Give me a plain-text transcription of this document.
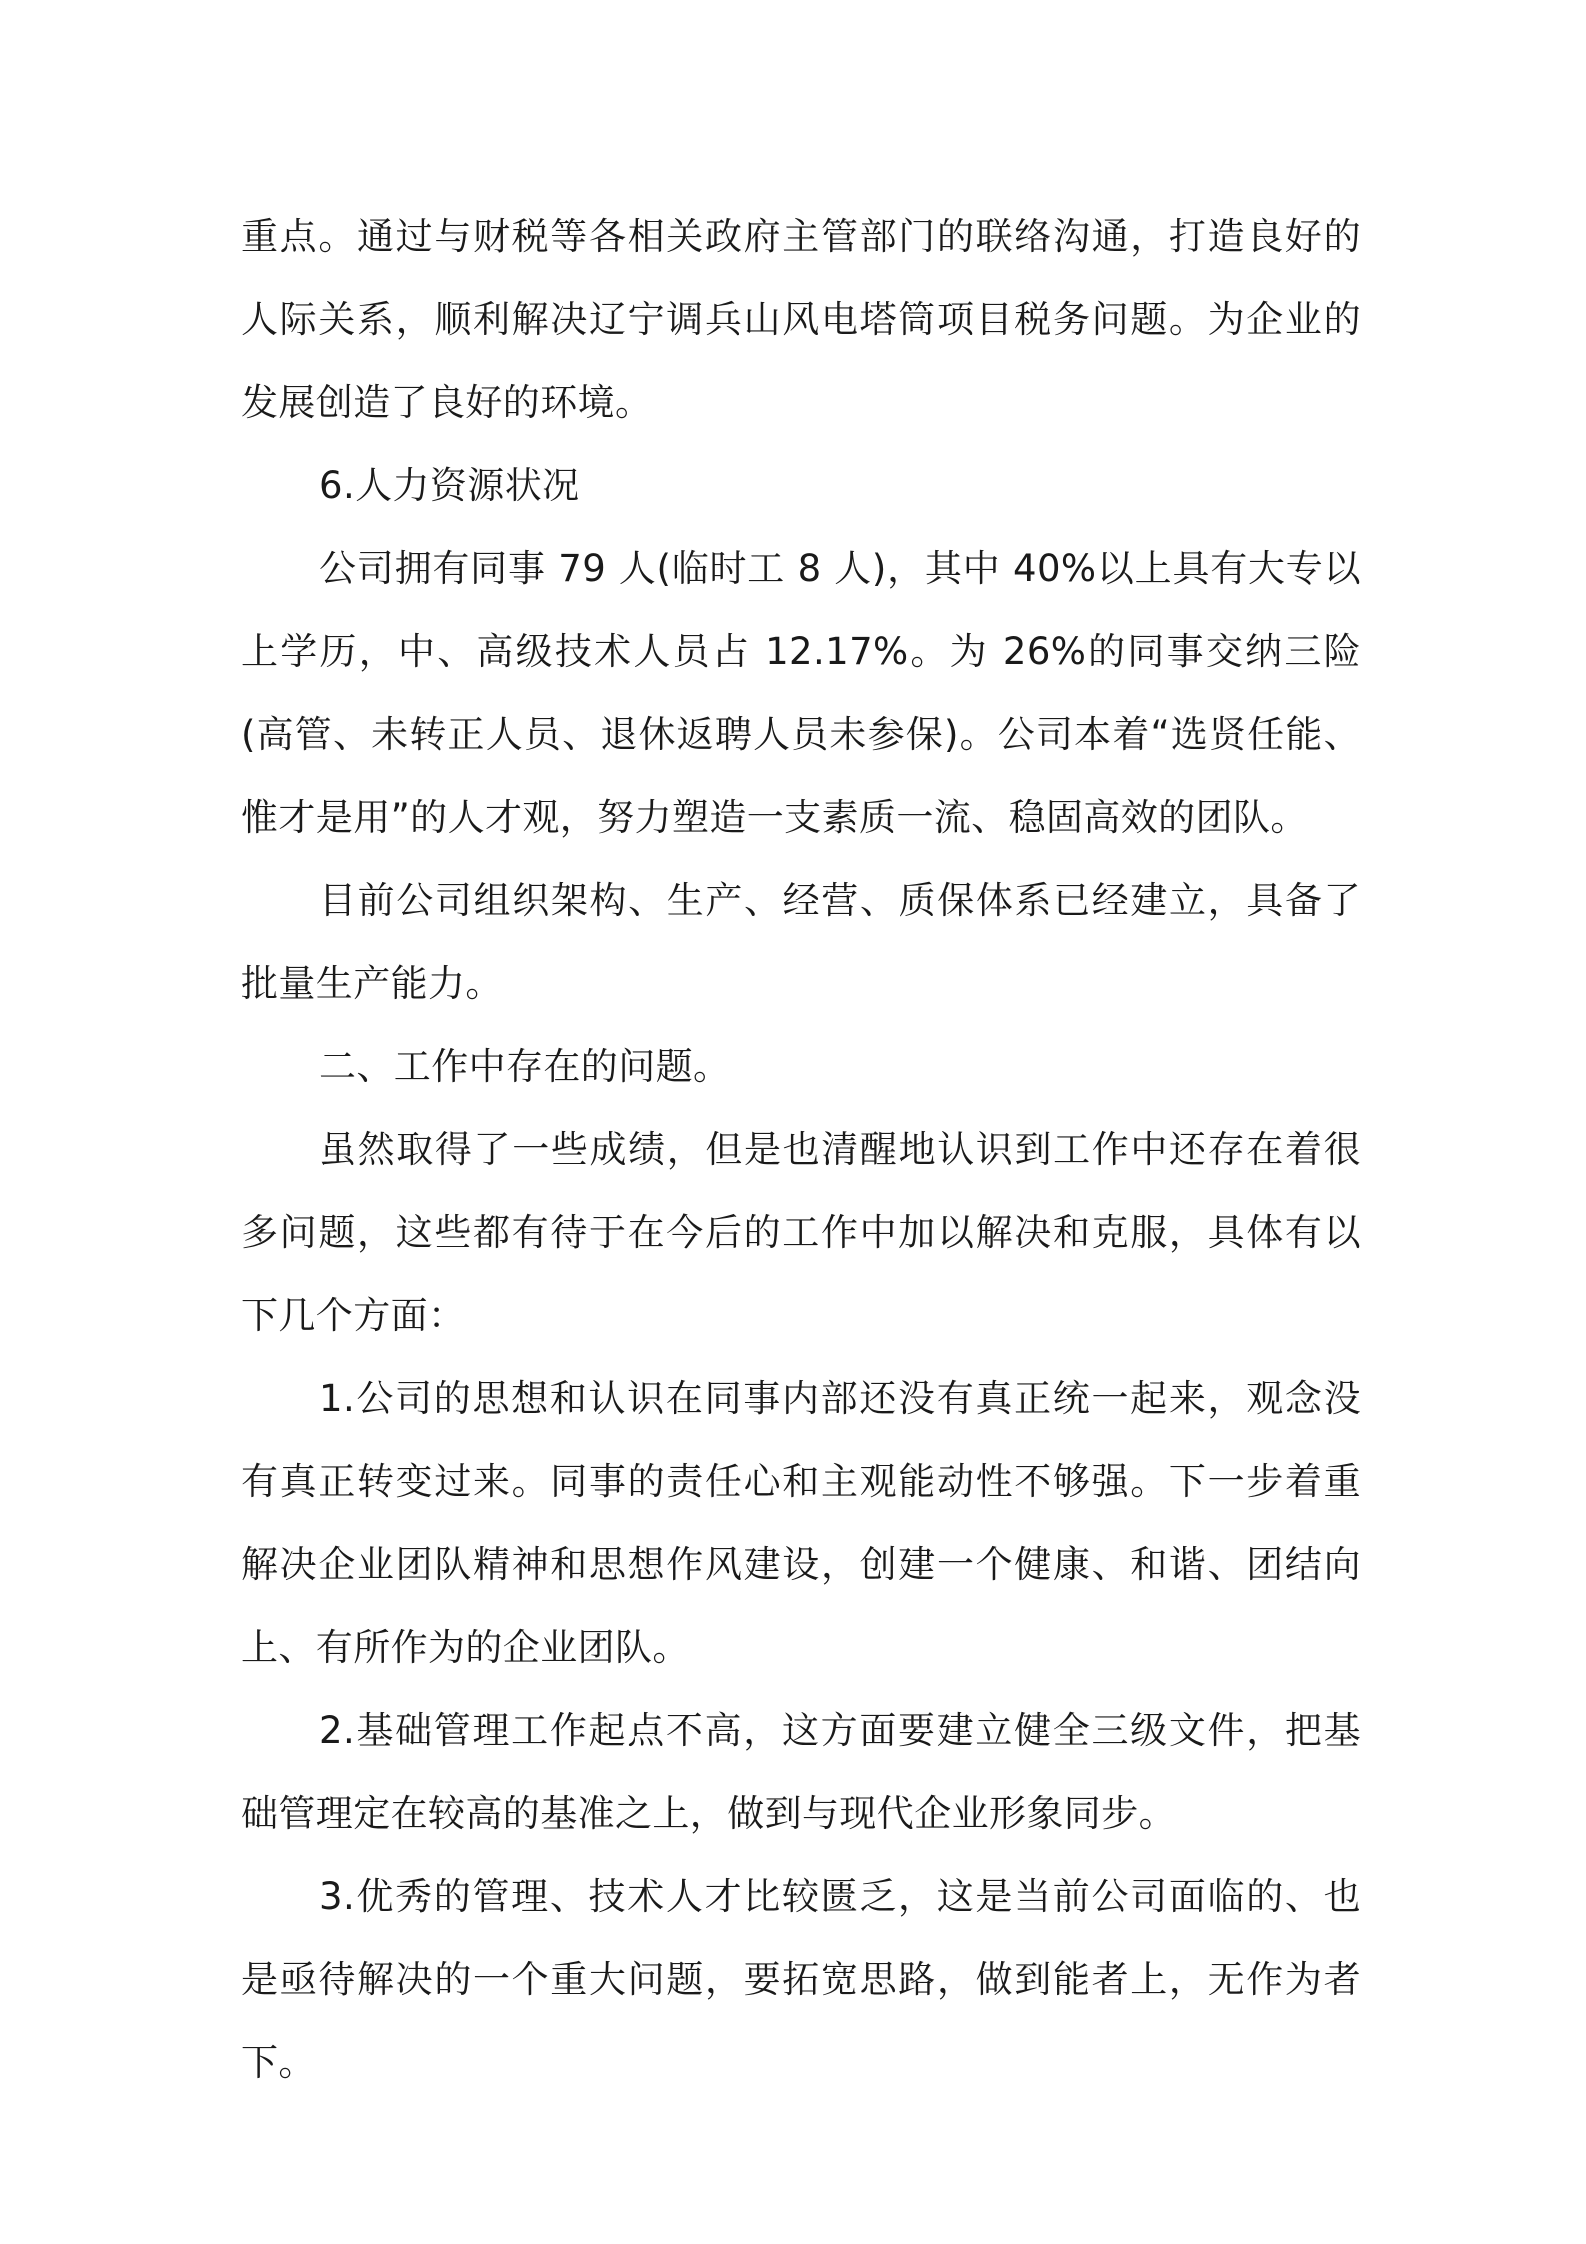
重点。通过与财税等各相关政府主管部门的联络沟通，打造良好的人际关系，顺利解决辽宁调兵山风电塔筒项目税务问题。为企业的发展创造了良好的环境。

6.人力资源状况

公司拥有同事 79 人(临时工 8 人)，其中 40%以上具有大专以上学历，中、高级技术人员占 12.17%。为 26%的同事交纳三险(高管、未转正人员、退休返聘人员未参保)。公司本着“选贤任能、惟才是用”的人才观，努力塑造一支素质一流、稳固高效的团队。

目前公司组织架构、生产、经营、质保体系已经建立，具备了批量生产能力。

二、工作中存在的问题。

虽然取得了一些成绩，但是也清醒地认识到工作中还存在着很多问题，这些都有待于在今后的工作中加以解决和克服，具体有以下几个方面：

1.公司的思想和认识在同事内部还没有真正统一起来，观念没有真正转变过来。同事的责任心和主观能动性不够强。下一步着重解决企业团队精神和思想作风建设，创建一个健康、和谐、团结向上、有所作为的企业团队。

2.基础管理工作起点不高，这方面要建立健全三级文件，把基础管理定在较高的基准之上，做到与现代企业形象同步。

3.优秀的管理、技术人才比较匮乏，这是当前公司面临的、也是亟待解决的一个重大问题，要拓宽思路，做到能者上，无作为者下。
